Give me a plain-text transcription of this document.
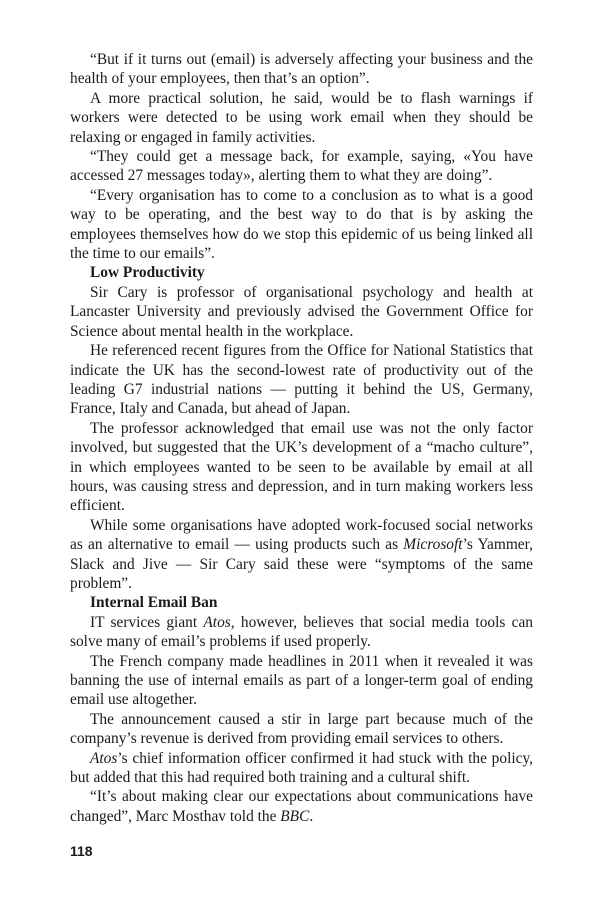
“But if it turns out (email) is adversely affecting your business and the health of your employees, then that’s an option”.

A more practical solution, he said, would be to flash warnings if workers were detected to be using work email when they should be relaxing or engaged in family activities.

“They could get a message back, for example, saying, «You have accessed 27 messages today», alerting them to what they are doing”.

“Every organisation has to come to a conclusion as to what is a good way to be operating, and the best way to do that is by asking the employees themselves how do we stop this epidemic of us being linked all the time to our emails”.

Low Productivity

Sir Cary is professor of organisational psychology and health at Lancaster University and previously advised the Government Office for Science about mental health in the workplace.

He referenced recent figures from the Office for National Statistics that indicate the UK has the second-lowest rate of productivity out of the leading G7 industrial nations — putting it behind the US, Germany, France, Italy and Canada, but ahead of Japan.

The professor acknowledged that email use was not the only factor involved, but suggested that the UK’s development of a “macho culture”, in which employees wanted to be seen to be available by email at all hours, was causing stress and depression, and in turn making workers less efficient.

While some organisations have adopted work-focused social networks as an alternative to email — using products such as Microsoft’s Yammer, Slack and Jive — Sir Cary said these were “symptoms of the same problem”.

Internal Email Ban

IT services giant Atos, however, believes that social media tools can solve many of email’s problems if used properly.

The French company made headlines in 2011 when it revealed it was banning the use of internal emails as part of a longer-term goal of ending email use altogether.

The announcement caused a stir in large part because much of the company’s revenue is derived from providing email services to others.

Atos’s chief information officer confirmed it had stuck with the policy, but added that this had required both training and a cultural shift.

“It’s about making clear our expectations about communications have changed”, Marc Mosthav told the BBC.

118
